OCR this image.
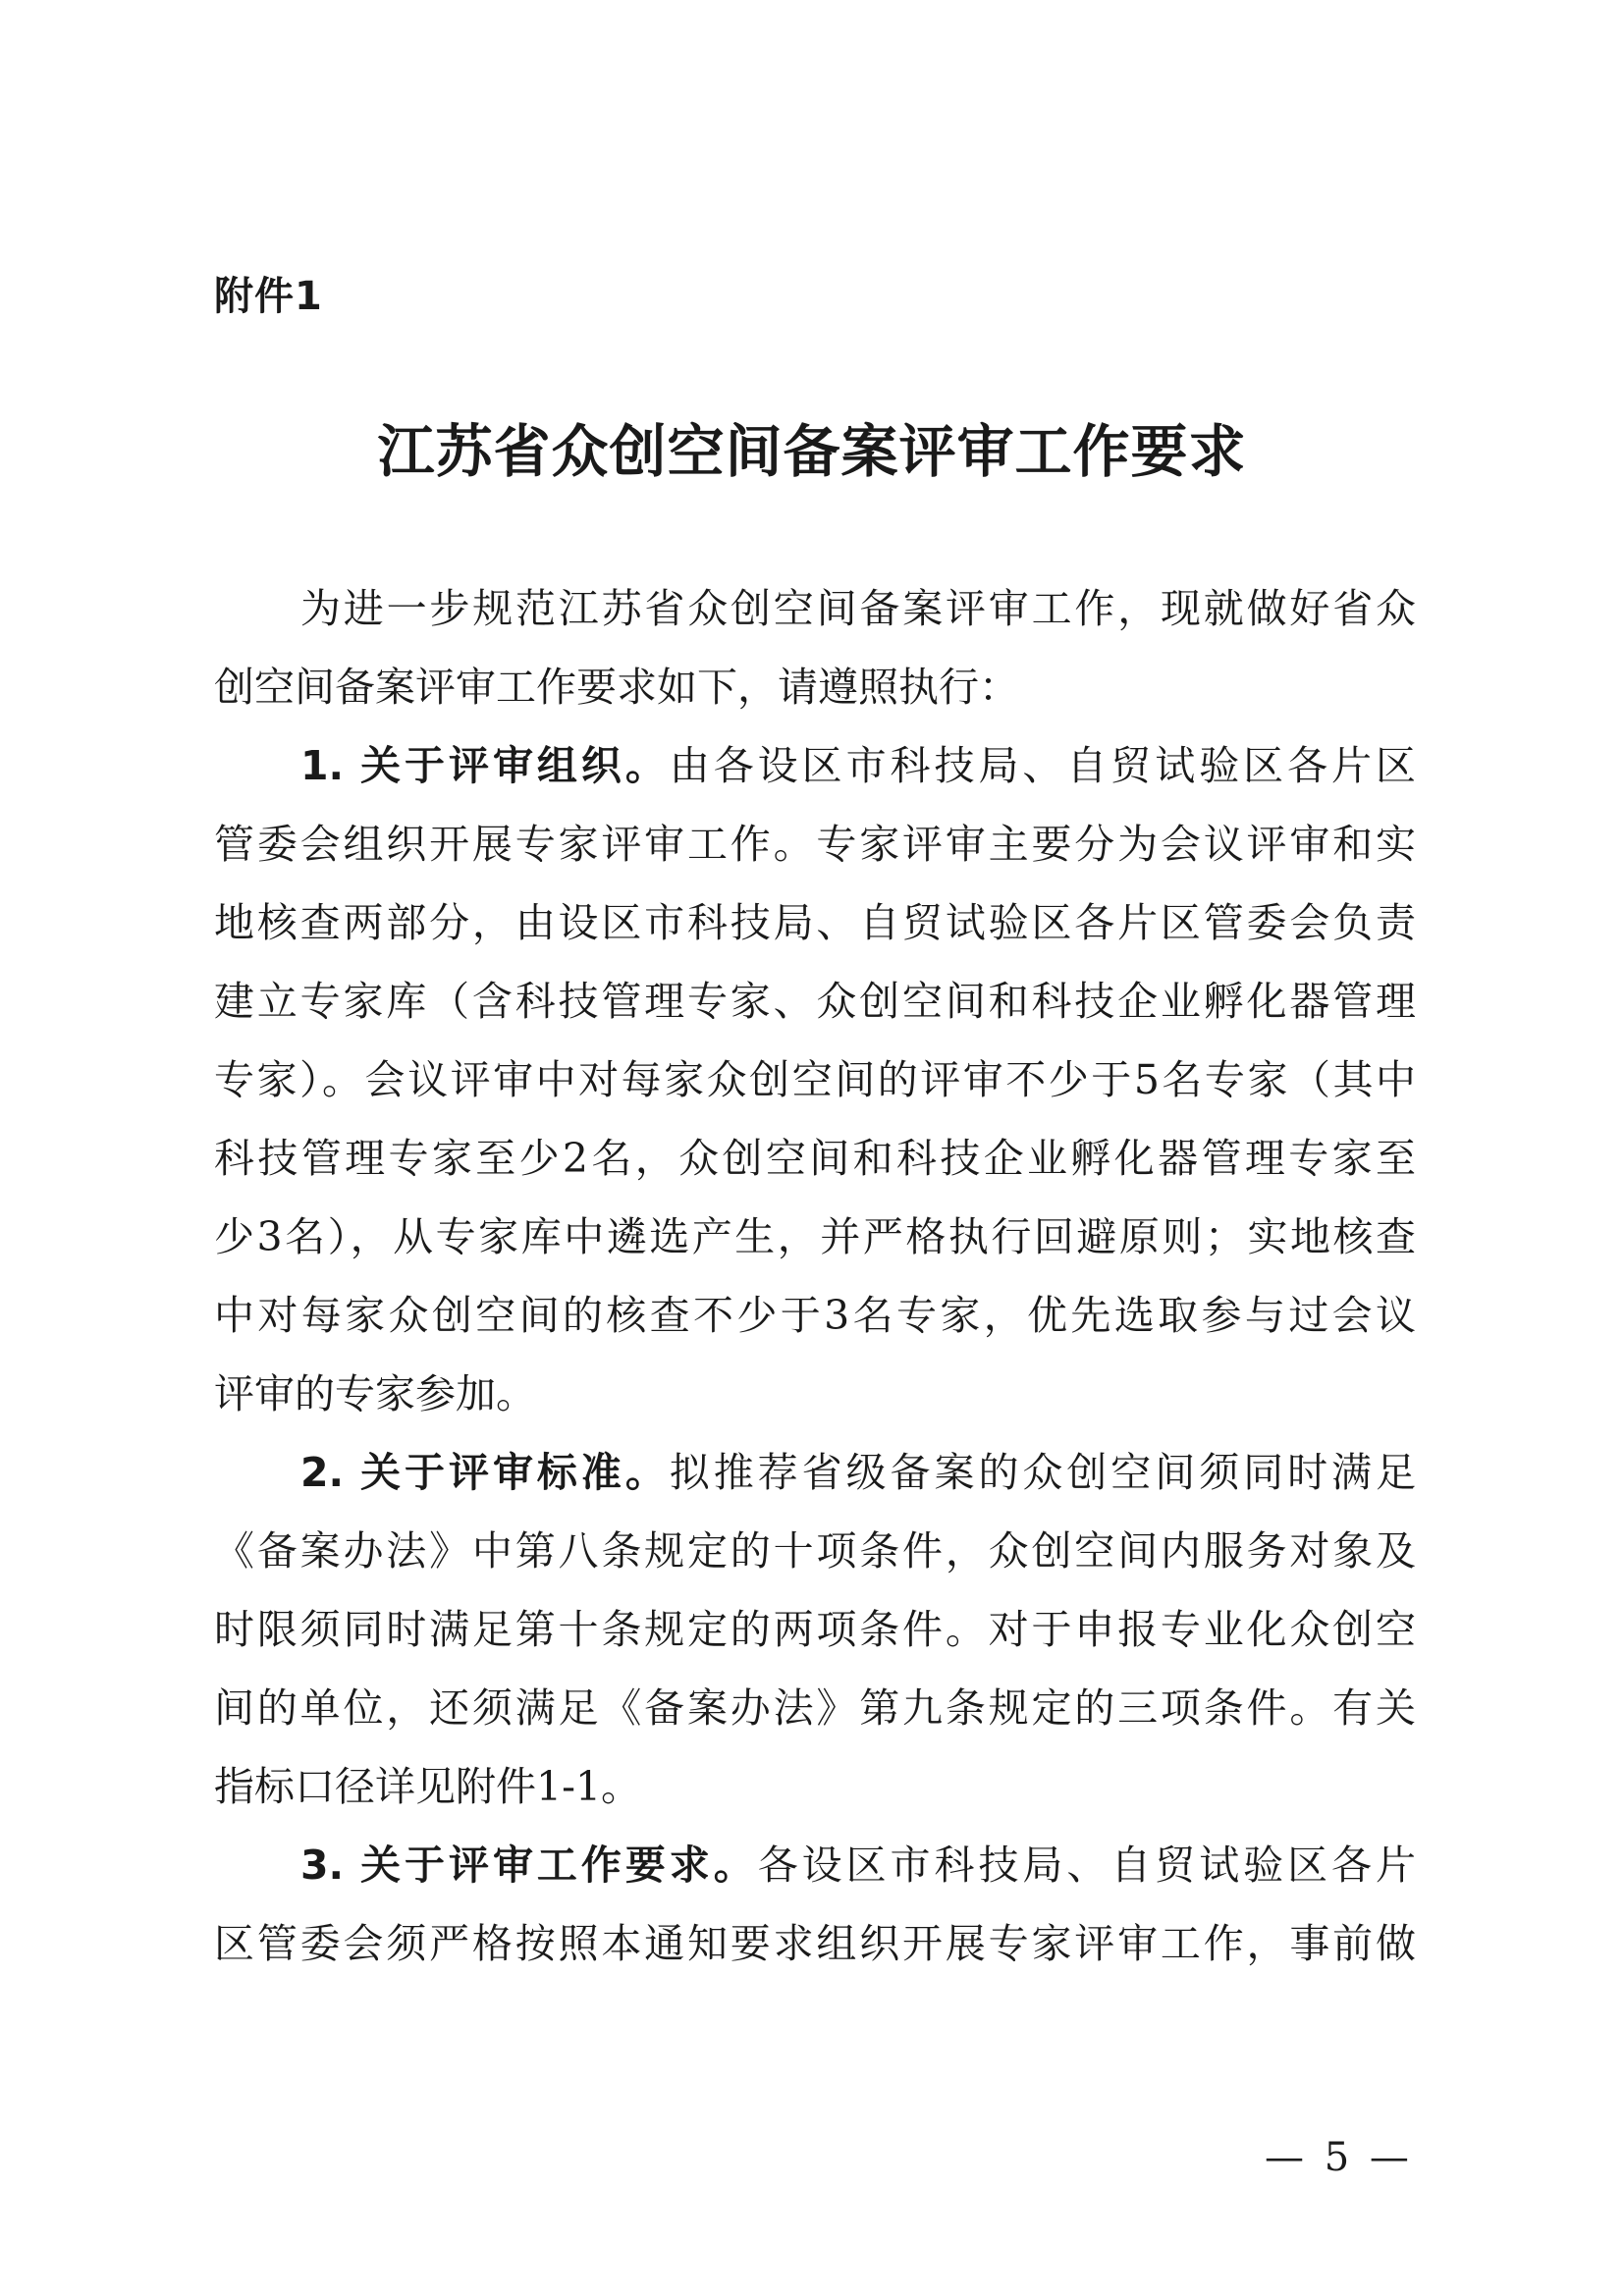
附件1
江苏省众创空间备案评审工作要求
为进一步规范江苏省众创空间备案评审工作，现就做好省众
创空间备案评审工作要求如下，请遵照执行：
1. 关于评审组织。由各设区市科技局、自贸试验区各片区
管委会组织开展专家评审工作。专家评审主要分为会议评审和实
地核查两部分，由设区市科技局、自贸试验区各片区管委会负责
建立专家库（含科技管理专家、众创空间和科技企业孵化器管理
专家）。会议评审中对每家众创空间的评审不少于5名专家（其中
科技管理专家至少2名，众创空间和科技企业孵化器管理专家至
少3名），从专家库中遴选产生，并严格执行回避原则；实地核查
中对每家众创空间的核查不少于3名专家，优先选取参与过会议
评审的专家参加。
2. 关于评审标准。拟推荐省级备案的众创空间须同时满足
《备案办法》中第八条规定的十项条件，众创空间内服务对象及
时限须同时满足第十条规定的两项条件。对于申报专业化众创空
间的单位，还须满足《备案办法》第九条规定的三项条件。有关
指标口径详见附件1-1。
3. 关于评审工作要求。各设区市科技局、自贸试验区各片
区管委会须严格按照本通知要求组织开展专家评审工作，事前做
— 5 —
